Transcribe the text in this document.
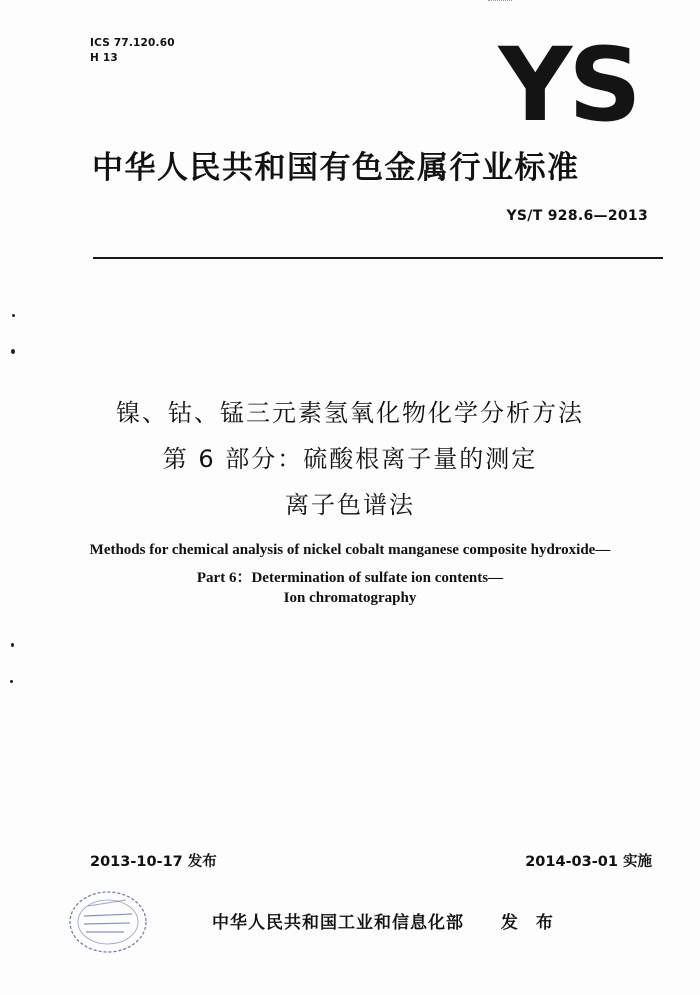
ICS 77.120.60
H 13	YS
中华人民共和国有色金属行业标准
YS/T 928.6—2013
镍、钴、锰三元素氢氧化物化学分析方法
第 6 部分：硫酸根离子量的测定
离子色谱法
Methods for chemical analysis of nickel cobalt manganese composite hydroxide—
Part 6：Determination of sulfate ion contents—
Ion chromatography
2013-10-17 发布	2014-03-01 实施
中华人民共和国工业和信息化部 发 布
